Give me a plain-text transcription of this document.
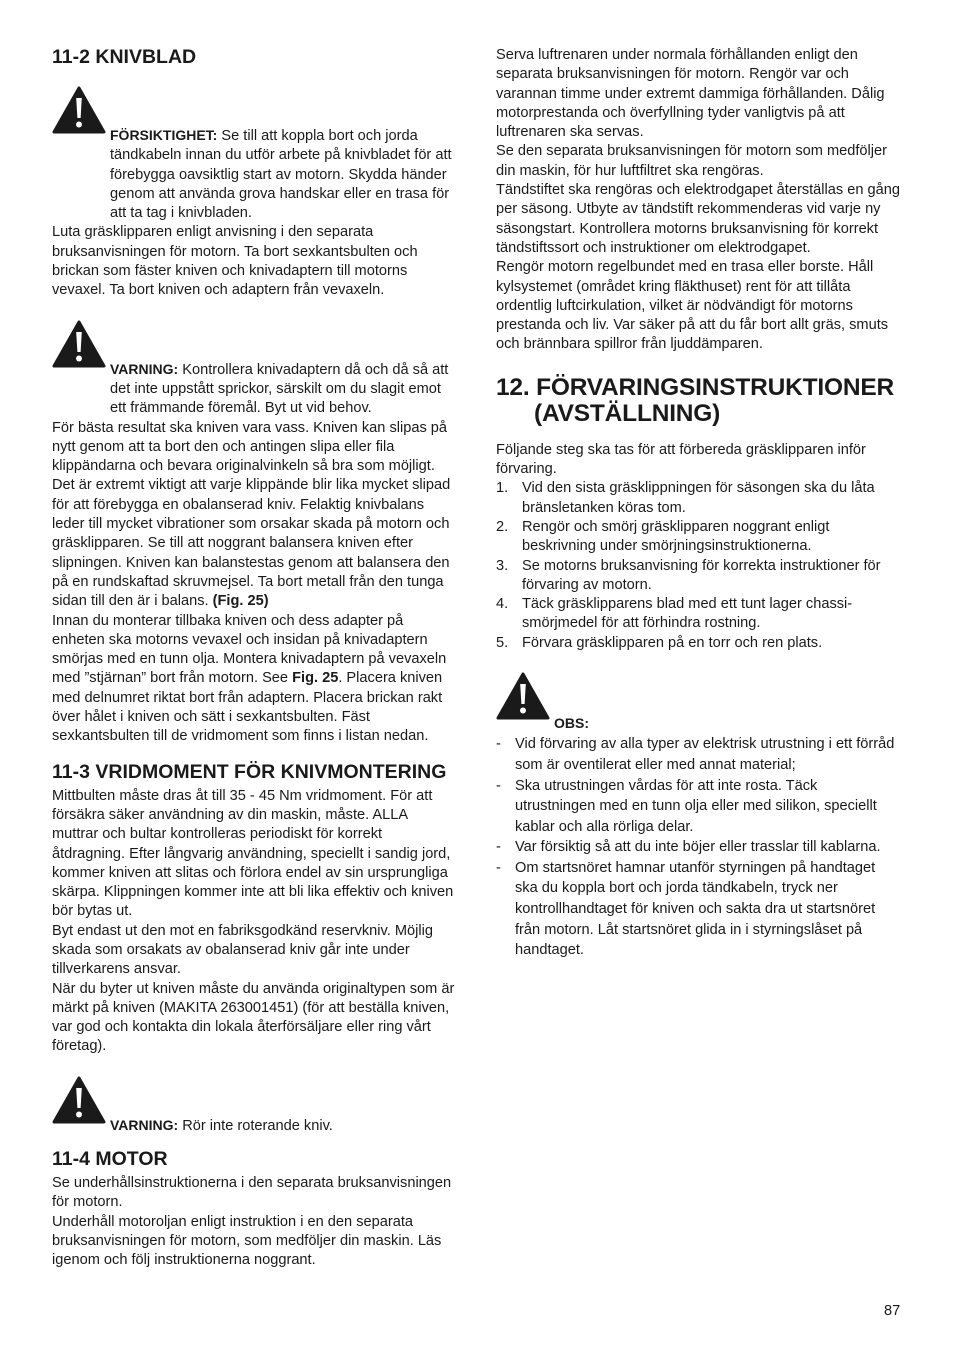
11-2 KNIVBLAD

FÖRSIKTIGHET: Se till att koppla bort och jorda tändkabeln innan du utför arbete på knivbladet för att förebygga oavsiktlig start av motorn. Skydda händer genom att använda grova handskar eller en trasa för att ta tag i knivbladen.

Luta gräsklipparen enligt anvisning i den separata bruksanvisningen för motorn. Ta bort sexkantsbulten och brickan som fäster kniven och knivadaptern till motorns vevaxel. Ta bort kniven och adaptern från vevaxeln.

VARNING: Kontrollera knivadaptern då och då så att det inte uppstått sprickor, särskilt om du slagit emot ett främmande föremål. Byt ut vid behov.

För bästa resultat ska kniven vara vass. Kniven kan slipas på nytt genom att ta bort den och antingen slipa eller fila klippändarna och bevara originalvinkeln så bra som möjligt. Det är extremt viktigt att varje klippände blir lika mycket slipad för att förebygga en obalanserad kniv. Felaktig knivbalans leder till mycket vibrationer som orsakar skada på motorn och gräsklipparen. Se till att noggrant balansera kniven efter slipningen. Kniven kan balanstestas genom att balansera den på en rundskaftad skruvmejsel. Ta bort metall från den tunga sidan till den är i balans. (Fig. 25)

Innan du monterar tillbaka kniven och dess adapter på enheten ska motorns vevaxel och insidan på knivadaptern smörjas med en tunn olja. Montera knivadaptern på vevaxeln med ”stjärnan” bort från motorn. See Fig. 25. Placera kniven med delnumret riktat bort från adaptern. Placera brickan rakt över hålet i kniven och sätt i sexkantsbulten. Fäst sexkantsbulten till de vridmoment som finns i listan nedan.

11-3 VRIDMOMENT FÖR KNIVMONTERING

Mittbulten måste dras åt till 35 - 45 Nm vridmoment. För att försäkra säker användning av din maskin, måste. ALLA muttrar och bultar kontrolleras periodiskt för korrekt åtdragning. Efter långvarig användning, speciellt i sandig jord, kommer kniven att slitas och förlora endel av sin ursprungliga skärpa. Klippningen kommer inte att bli lika effektiv och kniven bör bytas ut.

Byt endast ut den mot en fabriksgodkänd reservkniv. Möjlig skada som orsakats av obalanserad kniv går inte under tillverkarens ansvar.

När du byter ut kniven måste du använda originaltypen som är märkt på kniven (MAKITA 263001451) (för att beställa kniven, var god och kontakta din lokala återförsäljare eller ring vårt företag).

VARNING: Rör inte roterande kniv.

11-4 MOTOR

Se underhållsinstruktionerna i den separata bruksanvisningen för motorn.

Underhåll motoroljan enligt instruktion i en den separata bruksanvisningen för motorn, som medföljer din maskin. Läs igenom och följ instruktionerna noggrant.

Serva luftrenaren under normala förhållanden enligt den separata bruksanvisningen för motorn. Rengör var och varannan timme under extremt dammiga förhållanden. Dålig motorprestanda och överfyllning tyder vanligtvis på att luftrenaren ska servas.

Se den separata bruksanvisningen för motorn som medföljer din maskin, för hur luftfiltret ska rengöras.

Tändstiftet ska rengöras och elektrodgapet återställas en gång per säsong. Utbyte av tändstift rekommenderas vid varje ny säsongstart. Kontrollera motorns bruksanvisning för korrekt tändstiftssort och instruktioner om elektrodgapet.

Rengör motorn regelbundet med en trasa eller borste. Håll kylsystemet (området kring fläkthuset) rent för att tillåta ordentlig luftcirkulation, vilket är nödvändigt för motorns prestanda och liv. Var säker på att du får bort allt gräs, smuts och brännbara spillror från ljuddämparen.

12. FÖRVARINGSINSTRUKTIONER (AVSTÄLLNING)

Följande steg ska tas för att förbereda gräsklipparen inför förvaring.

1. Vid den sista gräsklippningen för säsongen ska du låta bränsletanken köras tom.
2. Rengör och smörj gräsklipparen noggrant enligt beskrivning under smörjningsinstruktionerna.
3. Se motorns bruksanvisning för korrekta instruktioner för förvaring av motorn.
4. Täck gräsklipparens blad med ett tunt lager chassi-smörjmedel för att förhindra rostning.
5. Förvara gräsklipparen på en torr och ren plats.

OBS:

- Vid förvaring av alla typer av elektrisk utrustning i ett förråd som är oventilerat eller med annat material;
- Ska utrustningen vårdas för att inte rosta. Täck utrustningen med en tunn olja eller med silikon, speciellt kablar och alla rörliga delar.
- Var försiktig så att du inte böjer eller trasslar till kablarna.
- Om startsnöret hamnar utanför styrningen på handtaget ska du koppla bort och jorda tändkabeln, tryck ner kontrollhandtaget för kniven och sakta dra ut startsnöret från motorn. Låt startsnöret glida in i styrningslåset på handtaget.
87
